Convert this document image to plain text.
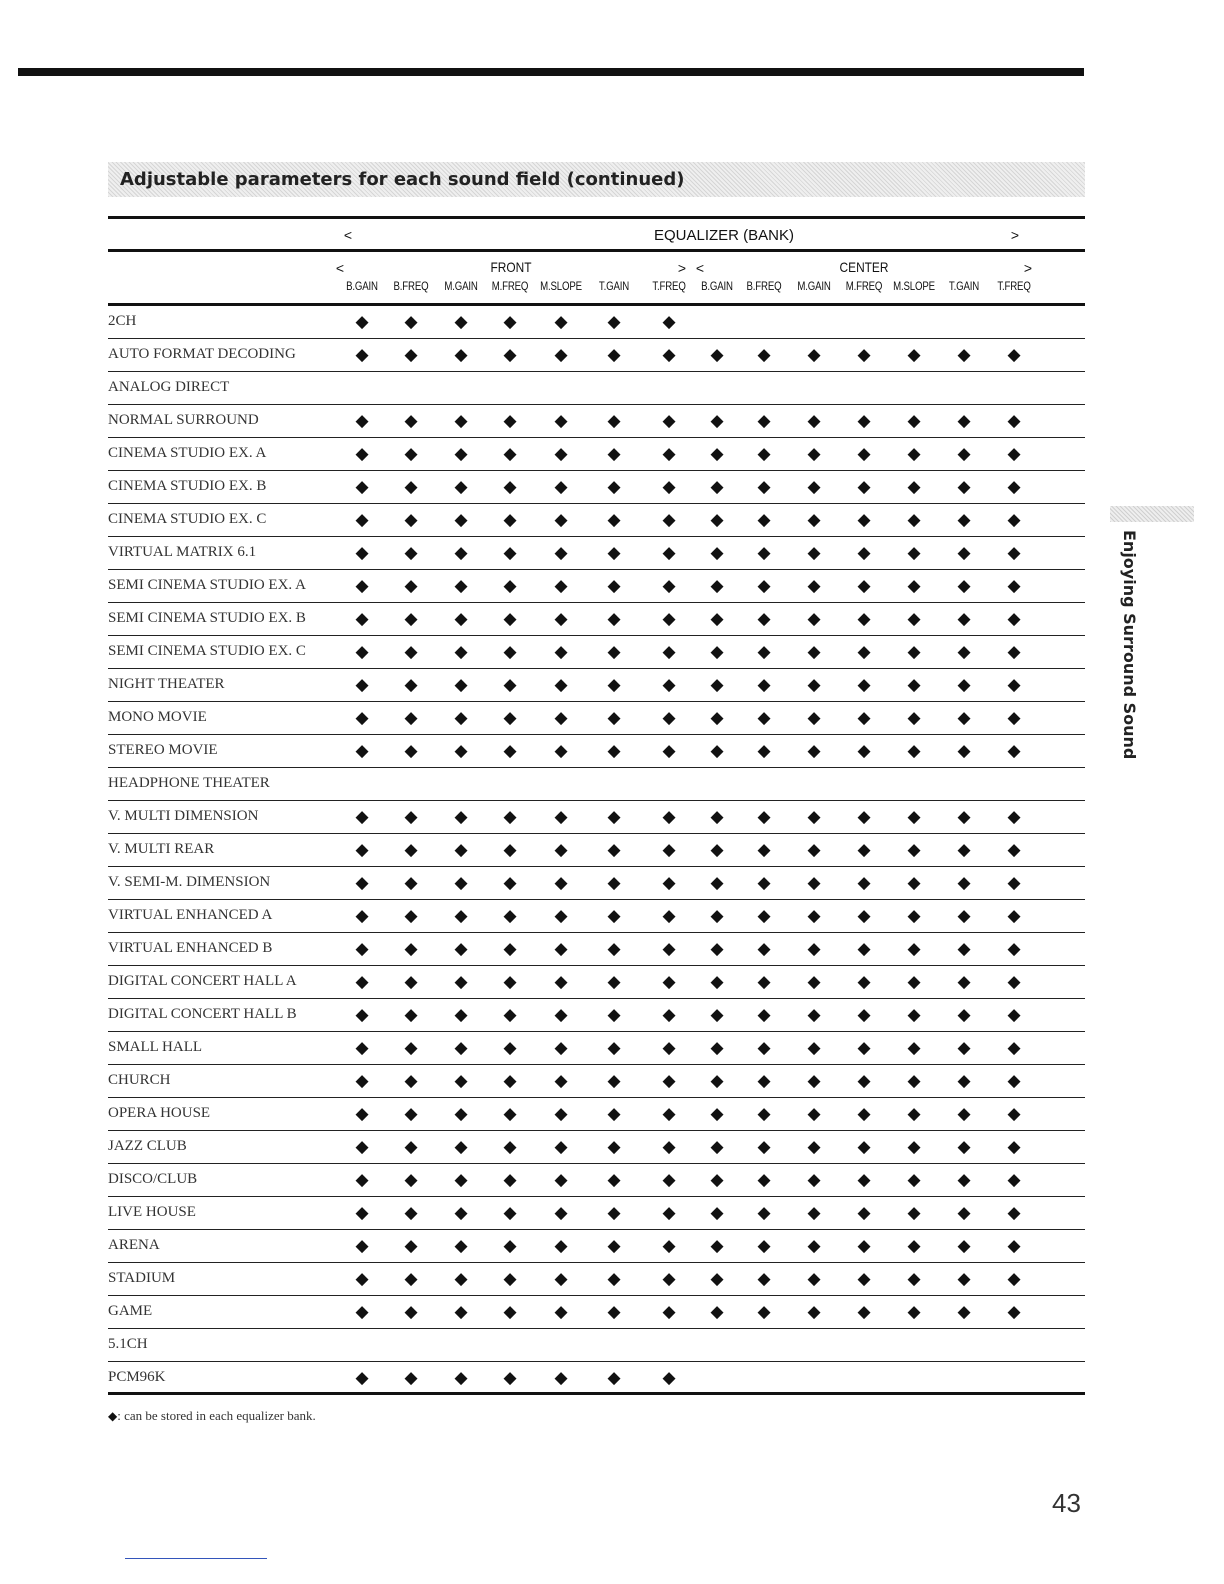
Adjustable parameters for each sound field (continued)
Enjoying Surround Sound
<	EQUALIZER (BANK)	>
<	FRONT	> <	CENTER	>
B.GAIN B.FREQ M.GAIN M.FREQ M.SLOPE T.GAIN T.FREQ B.GAIN B.FREQ M.GAIN M.FREQ M.SLOPE T.GAIN T.FREQ
2CH	◆ ◆ ◆ ◆ ◆ ◆ ◆
AUTO FORMAT DECODING	◆ ◆ ◆ ◆ ◆ ◆ ◆ ◆ ◆ ◆ ◆ ◆ ◆ ◆
ANALOG DIRECT
NORMAL SURROUND	◆ ◆ ◆ ◆ ◆ ◆ ◆ ◆ ◆ ◆ ◆ ◆ ◆ ◆
CINEMA STUDIO EX. A	◆ ◆ ◆ ◆ ◆ ◆ ◆ ◆ ◆ ◆ ◆ ◆ ◆ ◆
CINEMA STUDIO EX. B	◆ ◆ ◆ ◆ ◆ ◆ ◆ ◆ ◆ ◆ ◆ ◆ ◆ ◆
CINEMA STUDIO EX. C	◆ ◆ ◆ ◆ ◆ ◆ ◆ ◆ ◆ ◆ ◆ ◆ ◆ ◆
VIRTUAL MATRIX 6.1	◆ ◆ ◆ ◆ ◆ ◆ ◆ ◆ ◆ ◆ ◆ ◆ ◆ ◆
SEMI CINEMA STUDIO EX. A	◆ ◆ ◆ ◆ ◆ ◆ ◆ ◆ ◆ ◆ ◆ ◆ ◆ ◆
SEMI CINEMA STUDIO EX. B	◆ ◆ ◆ ◆ ◆ ◆ ◆ ◆ ◆ ◆ ◆ ◆ ◆ ◆
SEMI CINEMA STUDIO EX. C	◆ ◆ ◆ ◆ ◆ ◆ ◆ ◆ ◆ ◆ ◆ ◆ ◆ ◆
NIGHT THEATER	◆ ◆ ◆ ◆ ◆ ◆ ◆ ◆ ◆ ◆ ◆ ◆ ◆ ◆
MONO MOVIE	◆ ◆ ◆ ◆ ◆ ◆ ◆ ◆ ◆ ◆ ◆ ◆ ◆ ◆
STEREO MOVIE	◆ ◆ ◆ ◆ ◆ ◆ ◆ ◆ ◆ ◆ ◆ ◆ ◆ ◆
HEADPHONE THEATER
V. MULTI DIMENSION	◆ ◆ ◆ ◆ ◆ ◆ ◆ ◆ ◆ ◆ ◆ ◆ ◆ ◆
V. MULTI REAR	◆ ◆ ◆ ◆ ◆ ◆ ◆ ◆ ◆ ◆ ◆ ◆ ◆ ◆
V. SEMI-M. DIMENSION	◆ ◆ ◆ ◆ ◆ ◆ ◆ ◆ ◆ ◆ ◆ ◆ ◆ ◆
VIRTUAL ENHANCED A	◆ ◆ ◆ ◆ ◆ ◆ ◆ ◆ ◆ ◆ ◆ ◆ ◆ ◆
VIRTUAL ENHANCED B	◆ ◆ ◆ ◆ ◆ ◆ ◆ ◆ ◆ ◆ ◆ ◆ ◆ ◆
DIGITAL CONCERT HALL A	◆ ◆ ◆ ◆ ◆ ◆ ◆ ◆ ◆ ◆ ◆ ◆ ◆ ◆
DIGITAL CONCERT HALL B	◆ ◆ ◆ ◆ ◆ ◆ ◆ ◆ ◆ ◆ ◆ ◆ ◆ ◆
SMALL HALL	◆ ◆ ◆ ◆ ◆ ◆ ◆ ◆ ◆ ◆ ◆ ◆ ◆ ◆
CHURCH	◆ ◆ ◆ ◆ ◆ ◆ ◆ ◆ ◆ ◆ ◆ ◆ ◆ ◆
OPERA HOUSE	◆ ◆ ◆ ◆ ◆ ◆ ◆ ◆ ◆ ◆ ◆ ◆ ◆ ◆
JAZZ CLUB	◆ ◆ ◆ ◆ ◆ ◆ ◆ ◆ ◆ ◆ ◆ ◆ ◆ ◆
DISCO/CLUB	◆ ◆ ◆ ◆ ◆ ◆ ◆ ◆ ◆ ◆ ◆ ◆ ◆ ◆
LIVE HOUSE	◆ ◆ ◆ ◆ ◆ ◆ ◆ ◆ ◆ ◆ ◆ ◆ ◆ ◆
ARENA	◆ ◆ ◆ ◆ ◆ ◆ ◆ ◆ ◆ ◆ ◆ ◆ ◆ ◆
STADIUM	◆ ◆ ◆ ◆ ◆ ◆ ◆ ◆ ◆ ◆ ◆ ◆ ◆ ◆
GAME	◆ ◆ ◆ ◆ ◆ ◆ ◆ ◆ ◆ ◆ ◆ ◆ ◆ ◆
5.1CH
PCM96K	◆ ◆ ◆ ◆ ◆ ◆ ◆
◆: can be stored in each equalizer bank.
43
